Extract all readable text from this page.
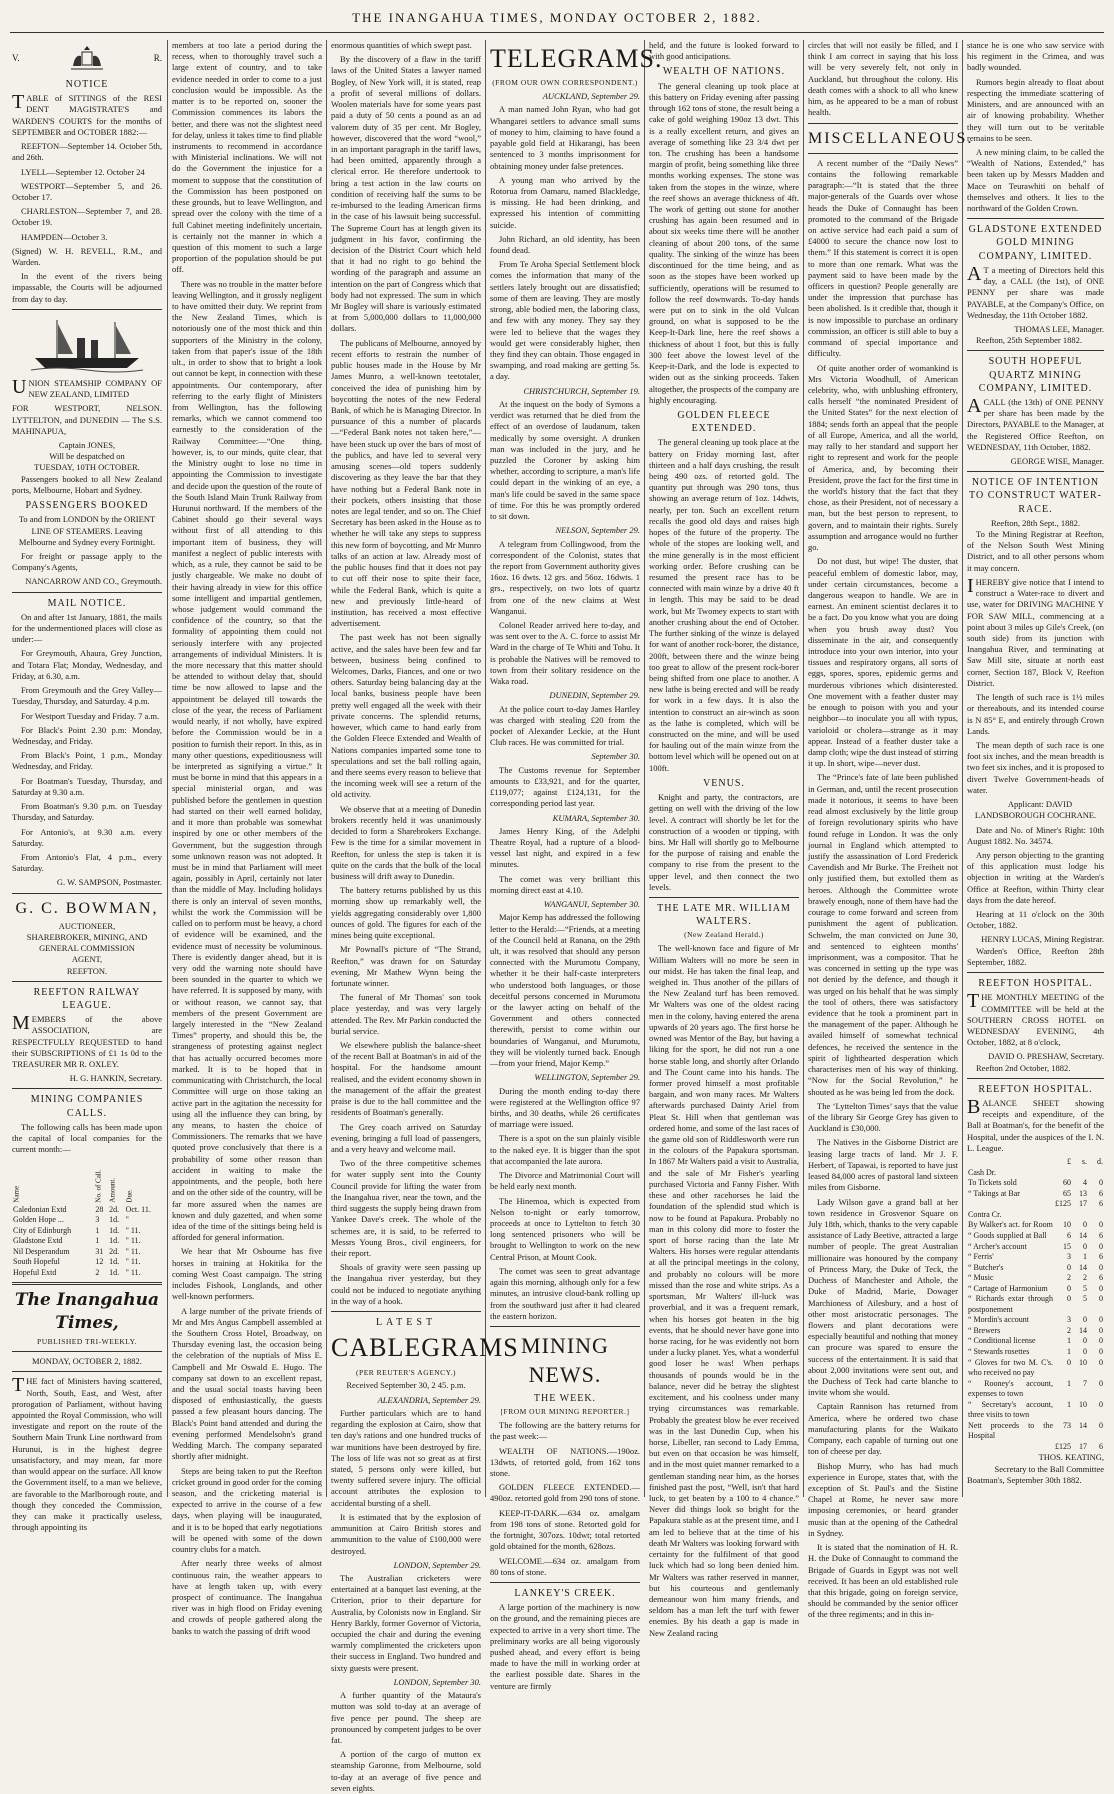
THE INANGAHUA TIMES, MONDAY OCTOBER 2, 1882.
V.	R.
NOTICE

TABLE of SITTINGS of the RESI DENT MAGISTRATE'S and WARDEN'S COURTS for the months of SEPTEMBER and OCTOBER 1882:—

REEFTON—September 14. October 5th, and 26th.

LYELL—September 12. October 24

WESTPORT—September 5, and 26. October 17.

CHARLESTON—September 7, and 28. October 19.

HAMPDEN—October 3.

(Signed) W. H. REVELL, R.M., and Warden.

In the event of the rivers being impassable, the Courts will be adjourned from day to day.

UNION STEAMSHIP COMPANY OF NEW ZEALAND, LIMITED

FOR WESTPORT, NELSON. LYTTELTON, and DUNEDIN — The S.S. MAHINAPUA,

Captain JONES,
Will be despatched on
TUESDAY, 10TH OCTOBER.

Passengers booked to all New Zealand ports, Melbourne, Hobart and Sydney.

PASSENGERS BOOKED

To and from LONDON by the ORIENT LINE OF STEAMERS. Leaving Melbourne and Sydney every Fortnight.

For freight or passage apply to the Company's Agents,

NANCARROW AND CO., Greymouth.
MAIL NOTICE.

On and after 1st January, 1881, the mails for the undermentioned places will close as under:—

For Greymouth, Ahaura, Grey Junction, and Totara Flat; Monday, Wednesday, and Friday, at 6.30, a.m.

From Greymouth and the Grey Valley—Tuesday, Thursday, and Saturday. 4 p.m.

For Westport Tuesday and Friday. 7 a.m.

For Black's Point 2.30 p.m: Monday, Wednesday, and Friday.

From Black's Point, 1 p.m., Monday Wednesday, and Friday.

For Boatman's Tuesday, Thursday, and Saturday at 9.30 a.m.

From Boatman's 9.30 p.m. on Tuesday Thursday, and Saturday.

For Antonio's, at 9.30 a.m. every Saturday.

From Antonio's Flat, 4 p.m., every Saturday.

G. W. SAMPSON, Postmaster.
G. C. BOWMAN,
AUCTIONEER,
SHAREBROKER, MINING, AND
GENERAL COMMISSION
AGENT,
REEFTON.
REEFTON RAILWAY LEAGUE.

MEMBERS of the above ASSOCIATION, are RESPECTFULLY REQUESTED to hand their SUBSCRIPTIONS of £1 1s 0d to the TREASURER MR R. OXLEY.

H. G. HANKIN, Secretary.
MINING COMPANIES CALLS.

The following calls has been made upon the capital of local companies for the current month:—

Name	No. of Call.	Amount.	Due.
Caledonian Extd	28	2d.	Oct. 11.
Golden Hope ...	3	1d.	"
City of Edinburgh	1	1d.	" 11.
Gladstone Extd	1	1d.	" 11.
Nil Desperandum	31	2d.	" 11.
South Hopeful	12	1d.	" 11.
Hopeful Extd	2	1d.	" 11.
The Inangahua Times,
PUBLISHED TRI-WEEKLY.
MONDAY, OCTOBER 2, 1882.

THE fact of Ministers having scattered, North, South, East, and West, after prorogation of Parliament, without having appointed the Royal Commission, who will investigate and report on the route of the Southern Main Trunk Line northward from Hurunui, is in the highest degree unsatisfactory, and may mean, far more than would appear on the surface. All know the Government itself, to a man we believe, are favorable to the Marlborough route, and though they conceded the Commission, they can make it practically useless, through appointing its

members at too late a period during the recess, when to thoroughly travel such a large extent of country, and to take evidence needed in order to come to a just conclusion would be impossible. As the matter is to be reported on, sooner the Commission commences its labors the better, and there was not the slightest need for delay, unless it takes time to find pliable instruments to recommend in accordance with Ministerial inclinations. We will not do the Government the injustice for a moment to suppose that the constitution of the Commission has been postponed on these grounds, but to leave Wellington, and spread over the colony with the time of a full Cabinet meeting indefinitely uncertain, is certainly not the manner in which a question of this moment to such a large proportion of the population should be put off.

There was no trouble in the matter before leaving Wellington, and it grossly negligent to have omitted their duty. We reprint from the New Zealand Times, which is notoriously one of the most thick and thin supporters of the Ministry in the colony, taken from that paper's issue of the 18th ult., in order to show that to bright a look out cannot be kept, in connection with these appointments. Our contemporary, after referring to the early flight of Ministers from Wellington, has the following remarks, which we cannot commend too earnestly to the consideration of the Railway Committee:—“One thing, however, is, to our minds, quite clear, that the Ministry ought to lose no time in appointing the Commission to investigate and decide upon the question of the route of the South Island Main Trunk Railway from Hurunui northward. If the members of the Cabinet should go their several ways without first of all attending to this important item of business, they will manifest a neglect of public interests with which, as a rule, they cannot be said to be justly chargeable. We make no doubt of their having already in view for this office some intelligent and impartial gentlemen, whose judgement would command the confidence of the country, so that the formality of appointing them could not seriously interfere with any projected arrangements of individual Ministers. It is the more necessary that this matter should be attended to without delay that, should time be now allowed to lapse and the appointment be delayed till towards the close of the year, the recess of Parliament would nearly, if not wholly, have expired before the Commission would be in a position to furnish their report. In this, as in many other questions, expeditiousness will be interpreted as signifying a virtue.” It must be borne in mind that this appears in a special ministerial organ, and was published before the gentlemen in question had started on their well earned holiday, and it more than probable was somewhat inspired by one or other members of the Government, but the suggestion through some unknown reason was not adopted. It must be in mind that Parliament will meet again, possibly in April, certainly not later than the middle of May. Including holidays there is only an interval of seven months, whilst the work the Commission will be called on to perform must be heavy, a chord of evidence will be examined, and the evidence must of necessity be voluminous. There is evidently danger ahead, but it is very odd the warning note should have been sounded in the quarter to which we have referred. It is supposed by many, with or without reason, we cannot say, that members of the present Government are largely interested in the “New Zealand Times” property, and should this be, the strangeness of protesting against neglect that has actually occurred becomes more marked. It is to be hoped that in communicating with Christchurch, the local Committee will urge on those taking an active part in the agitation the necessity for using all the influence they can bring, by any means, to hasten the choice of Commissioners. The remarks that we have quoted prove conclusively that there is a probability of some other reason than accident in waiting to make the appointments, and the people, both here and on the other side of the country, will be far more assured when the names are known and duly gazetted, and when some idea of the time of the sittings being held is afforded for general information.

We hear that Mr Osbourne has five horses in training at Hokitika for the coming West Coast campaign. The string includes Fishook, Longlands, and other well-known performers.

A large number of the private friends of Mr and Mrs Angus Campbell assembled at the Southern Cross Hotel, Broadway, on Thursday evening last, the occasion being the celebration of the nuptials of Miss E. Campbell and Mr Oswald E. Hugo. The company sat down to an excellent repast, and the usual social toasts having been disposed of enthusiastically, the guests passed a few pleasant hours dancing. The Black's Point band attended and during the evening performed Mendelsohn's grand Wedding March. The company separated shortly after midnight.

Steps are being taken to put the Reefton cricket ground in good order for the coming season, and the cricketing material is expected to arrive in the course of a few days, when playing will be inaugurated, and it is to be hoped that early negotiations will be opened with some of the down country clubs for a match.

After nearly three weeks of almost continuous rain, the weather appears to have at length taken up, with every prospect of continuance. The Inangahua river was in high flood on Friday evening and crowds of people gathered along the banks to watch the passing of drift wood

enormous quantities of which swept past.

By the discovery of a flaw in the tariff laws of the United States a lawyer named Bogley, of New York will, it is stated, reap a profit of several millions of dollars. Woolen materials have for some years past paid a duty of 50 cents a pound as an ad valorem duty of 35 per cent. Mr Bogley, however, discovered that the word “wool,” in an important paragraph in the tariff laws, had been omitted, apparently through a clerical error. He therefore undertook to bring a test action in the law courts on condition of receiving half the sums to be re-imbursed to the leading American firms in the case of his lawsuit being successful. The Supreme Court has at length given its judgment in his favor, confirming the decision of the District Court which held that it had no right to go behind the wording of the paragraph and assume an intention on the part of Congress which that body had not expressed. The sum in which Mr Bogley will share is variously estimated at from 5,000,000 dollars to 11,000,000 dollars.

The publicans of Melbourne, annoyed by recent efforts to restrain the number of public houses made in the House by Mr James Munro, a well-known teetotaler, conceived the idea of punishing him by boycotting the notes of the new Federal Bank, of which he is Managing Director. In pursuance of this a number of placards—“Federal Bank notes not taken here,”—have been stuck up over the bars of most of the publics, and have led to several very amusing scenes—old topers suddenly discovering as they leave the bar that they have nothing but a Federal Bank note in their pockets, others insisting that those notes are legal tender, and so on. The Chief Secretary has been asked in the House as to whether he will take any steps to suppress this new form of boycotting, and Mr Munro talks of an action at law. Already most of the public houses find that it does not pay to cut off their nose to spite their face, while the Federal Bank, which is quite a new and previously little-heard of institution, has received a most effective advertisement.

The past week has not been signally active, and the sales have been few and far between, business being confined to Welcomes, Darks, Fiances, and one or two others. Saturday being balancing day at the local banks, business people have been pretty well engaged all the week with their private concerns. The splendid returns, however, which came to hand early from the Golden Fleece Extended and Wealth of Nations companies imparted some tone to speculations and set the ball rolling again, and there seems every reason to believe that the incoming week will see a return of the old activity.

We observe that at a meeting of Dunedin brokers recently held it was unanimously decided to form a Sharebrokers Exchange. Few is the time for a similar movement in Reefton, for unless the step is taken it is quite on the cards that the bulk of the local business will drift away to Dunedin.

The battery returns published by us this morning show up remarkably well, the yields aggregating considerably over 1,800 ounces of gold. The figures for each of the mines being quite exceptional.

Mr Pownall's picture of “The Strand, Reefton,” was drawn for on Saturday evening, Mr Mathew Wynn being the fortunate winner.

The funeral of Mr Thomas' son took place yesterday, and was very largely attended. The Rev. Mr Parkin conducted the burial service.

We elsewhere publish the balance-sheet of the recent Ball at Boatman's in aid of the hospital. For the handsome amount realised, and the evident economy shown in the management of the affair the greatest praise is due to the hall committee and the residents of Boatman's generally.

The Grey coach arrived on Saturday evening, bringing a full load of passengers, and a very heavy and welcome mail.

Two of the three competitive schemes for water supply sent into the County Council provide for lifting the water from the Inangahua river, near the town, and the third suggests the supply being drawn from Yankee Dave's creek. The whole of the schemes are, it is said, to be referred to Messrs Young Bros., civil engineers, for their report.

Shoals of gravity were seen passing up the Inangahua river yesterday, but they could not be induced to negotiate anything in the way of a hook.

LATEST
CABLEGRAMS
(PER REUTER'S AGENCY.)

Received September 30, 2 45. p.m.

ALEXANDRIA, September 29.

Further particulars which are to hand regarding the explosion at Cairo, show that ten day's rations and one hundred trucks of war munitions have been destroyed by fire. The loss of life was not so great as at first stated, 5 persons only were killed, but twenty suffered severe injury. The official account attributes the explosion to accidental bursting of a shell.

It is estimated that by the explosion of ammunition at Cairo British stores and ammunition to the value of £100,000 were destroyed.

LONDON, September 29.

The Australian cricketers were entertained at a banquet last evening, at the Criterion, prior to their departure for Australia, by Colonists now in England. Sir Henry Barkly, former Governor of Victoria, occupied the chair and during the evening warmly complimented the cricketers upon their success in England. Two hundred and sixty guests were present.

LONDON, September 30.

A further quantity of the Mataura's mutton was sold to-day at an average of five pence per pound. The sheep are pronounced by competent judges to be over fat.

A portion of the cargo of mutton ex steamship Garonne, from Melbourne, sold to-day at an average of five pence and seven eights.

TELEGRAMS.
(FROM OUR OWN CORRESPONDENT.)
AUCKLAND, September 29.

A man named John Ryan, who had got Whangarei settlers to advance small sums of money to him, claiming to have found a payable gold field at Hikarangi, has been sentenced to 3 months imprisonment for obtaining money under false pretences.

A young man who arrived by the Rotorua from Oamaru, named Blackledge, is missing. He had been drinking, and expressed his intention of committing suicide.

John Richard, an old identity, has been found dead.

From Te Aroha Special Settlement block comes the information that many of the settlers lately brought out are dissatisfied; some of them are leaving. They are mostly strong, able bodied men, the laboring class, and few with any money. They say they were led to believe that the wages they would get were considerably higher, then they find they can obtain. Those engaged in swamping, and road making are getting 5s. a day.

CHRISTCHURCH, September 19.

At the inquest on the body of Symons a verdict was returned that he died from the effect of an overdose of laudanum, taken medically by some oversight. A drunken man was included in the jury, and he puzzled the Coroner by asking him whether, according to scripture, a man's life could depart in the winking of an eye, a man's life could be saved in the same space of time. For this he was promptly ordered to sit down.

NELSON, September 29.

A telegram from Collingwood, from the correspondent of the Colonist, states that the report from Government authority gives 16oz. 16 dwts. 12 grs. and 56oz. 16dwts. 1 grs., respectively, on two lots of quartz from one of the new claims at West Wanganui.

Colonel Reader arrived here to-day, and was sent over to the A. C. force to assist Mr Ward in the charge of Te Whiti and Tohu. It is probable the Natives will be removed to town from their solitary residence on the Waka road.

DUNEDIN, September 29.

At the police court to-day James Hartley was charged with stealing £20 from the pocket of Alexander Leckie, at the Hunt Club races. He was committed for trial.

September 30.

The Customs revenue for September amounts to £33,921, and for the quarter, £119,077; against £124,131, for the corresponding period last year.

KUMARA, September 30.

James Henry King, of the Adelphi Theatre Royal, had a rupture of a blood-vessel last night, and expired in a few minutes.

The comet was very brilliant this morning direct east at 4.10.

WANGANUI, September 30.

Major Kemp has addressed the following letter to the Herald:—“Friends, at a meeting of the Council held at Ranana, on the 29th ult, it was resolved that should any person connected with the Murumotu Company, whether it be their half-caste interpreters who understood both languages, or those deceitful persons concerned in Murumotu or the lawyer acting on behalf of the Government and others connected therewith, persist to come within our boundaries of Wanganui, and Murumotu, they will be violently turned back. Enough—from your friend, Major Kemp.”

WELLINGTON, September 29.

During the month ending to-day there were registered at the Wellington office 97 births, and 30 deaths, while 26 certificates of marriage were issued.

There is a spot on the sun plainly visible to the naked eye. It is bigger than the spot that accompanied the late aurora.

The Divorce and Matrimonial Court will be held early next month.

The Hinemoa, which is expected from Nelson to-night or early tomorrow, proceeds at once to Lyttelton to fetch 30 long sentenced prisoners who will be brought to Wellington to work on the new Central Prison, at Mount Cook.

The comet was seen to great advantage again this morning, although only for a few minutes, an intrusive cloud-bank rolling up from the southward just after it had cleared the eastern horizon.

MINING NEWS.
THE WEEK.
[FROM OUR MINING REPORTER.]

The following are the battery returns for the past week:—

WEALTH OF NATIONS.—190oz. 13dwts, of retorted gold, from 162 tons stone.

GOLDEN FLEECE EXTENDED.—490oz. retorted gold from 290 tons of stone.

KEEP-IT-DARK.—634 oz. amalgam from 198 tons of stone. Retorted gold for the fortnight, 307ozs. 10dwt; total retorted gold obtained for the month, 628ozs.

WELCOME.—634 oz. amalgam from 80 tons of stone.

LANKEY'S CREEK.

A large portion of the machinery is now on the ground, and the remaining pieces are expected to arrive in a very short time. The preliminary works are all being vigorously pushed ahead, and every effort is being made to have the mill in working order at the earliest possible date. Shares in the venture are firmly

held, and the future is looked forward to with good anticipations.

WEALTH OF NATIONS.

The general cleaning up took place at this battery on Friday evening after passing through 162 tons of stone, the result being a cake of gold weighing 190oz 13 dwt. This is a really excellent return, and gives an average of something like 23 3/4 dwt per ton. The crushing has been a handsome margin of profit, being something like three months working expenses. The stone was taken from the stopes in the winze, where the reef shows an average thickness of 4ft. The work of getting out stone for another crushing has again been resumed and in about six weeks time there will be another cleaning of about 200 tons, of the same quality. The sinking of the winze has been discontinued for the time being, and as soon as the stopes have been worked up sufficiently, operations will be resumed to follow the reef downwards. To-day hands were put on to sink in the old Vulcan ground, on what is supposed to be the Keep-It-Dark line, here the reef shows a thickness of about 1 foot, but this is fully 300 feet above the lowest level of the Keep-it-Dark, and the lode is expected to widen out as the sinking proceeds. Taken altogether, the prospects of the company are highly encouraging.

GOLDEN FLEECE EXTENDED.

The general cleaning up took place at the battery on Friday morning last, after thirteen and a half days crushing, the result being 490 ozs. of retorted gold. The quantity put through was 290 tons, thus showing an average return of 1oz. 14dwts, nearly, per ton. Such an excellent return recalls the good old days and raises high hopes of the future of the property. The whole of the stopes are looking well, and the mine generally is in the most efficient working order. Before crushing can be resumed the present race has to be connected with main winze by a drive 40 ft in length. This may be said to be dead work, but Mr Twomey expects to start with another crushing about the end of October. The further sinking of the winze is delayed for want of another rock-borer, the distance, 200ft, between there and the winze being too great to allow of the present rock-borer being shifted from one place to another. A new lathe is being erected and will be ready for work in a few days. It is also the intention to construct an air-winch as soon as the lathe is completed, which will be constructed on the mine, and will be used for hauling out of the main winze from the bottom level which will be opened out on at 100ft.

VENUS.

Knight and party, the contractors, are getting on well with the driving of the low level. A contract will shortly be let for the construction of a wooden or tipping, with bins. Mr Hall will shortly go to Melbourne for the purpose of raising and enable the company to rise from the present to the upper level, and then connect the two levels.

THE LATE MR. WILLIAM WALTERS.
(New Zealand Herald.)

The well-known face and figure of Mr William Walters will no more be seen in our midst. He has taken the final leap, and weighed in. Thus another of the pillars of the New Zealand turf has been removed. Mr Walters was one of the oldest racing men in the colony, having entered the arena upwards of 20 years ago. The first horse he owned was Mentor of the Bay, but having a liking for the sport, he did not run a one horse stable long, and shortly after Orlando and The Count came into his hands. The former proved himself a most profitable bargain, and won many races. Mr Walters afterwards purchased Dainty Ariel from Pleat St. Hill when that gentleman was ordered home, and some of the last races of the game old son of Riddlesworth were run in the colours of the Papakura sportsman. In 1867 Mr Walters paid a visit to Australia, and the sale of Mr Fisher's yearling purchased Victoria and Fanny Fisher. With these and other racehorses he laid the foundation of the splendid stud which is now to be found at Papakura. Probably no man in this colony did more to foster the sport of horse racing than the late Mr Walters. His horses were regular attendants at all the principal meetings in the colony, and probably no colours will be more missed than the rose and white strips. As a sportsman, Mr Walters' ill-luck was proverbial, and it was a frequent remark, when his horses got beaten in the big events, that he should never have gone into horse racing, for he was evidently not born under a lucky planet. Yes, what a wonderful good loser he was! When perhaps thousands of pounds would be in the balance, never did he betray the slightest excitement, and his coolness under many trying circumstances was remarkable. Probably the greatest blow he ever received was in the last Dunedin Cup, when his horse, Libeller, ran second to Lady Emma, but even on that occasion he was himself, and in the most quiet manner remarked to a gentleman standing near him, as the horses finished past the post, “Well, isn't that hard luck, to get beaten by a 100 to 4 chance.” Never did things look so bright for the Papakura stable as at the present time, and I am led to believe that at the time of his death Mr Walters was looking forward with certainty for the fulfilment of that good luck which had so long been denied him. Mr Walters was rather reserved in manner, but his courteous and gentlemanly demeanour won him many friends, and seldom has a man left the turf with fewer enemies. By his death a gap is made in New Zealand racing

circles that will not easily be filled, and I think I am correct in saying that his loss will be very severely felt, not only in Auckland, but throughout the colony. His death comes with a shock to all who knew him, as he appeared to be a man of robust health.

MISCELLANEOUS.

A recent number of the “Daily News” contains the following remarkable paragraph:—“It is stated that the three major-generals of the Guards over whose heads the Duke of Connaught has been promoted to the command of the Brigade on active service had each paid a sum of £4000 to secure the chance now lost to them.” If this statement is correct it is open to more than one remark. What was the payment said to have been made by the officers in question? People generally are under the impression that purchase has been abolished. Is it credible that, though it is now impossible to purchase an ordinary commission, an officer is still able to buy a command of special importance and difficulty.

Of quite another order of womankind is Mrs Victoria Woodhull, of American celebrity, who, with unblushing effrontery, calls herself “the nominated President of the United States” for the next election of 1884; sends forth an appeal that the people of all Europe, America, and all the world, may rally to her standard and support her right to represent and work for the people of America, and, by becoming their President, prove the fact for the first time in the world's history that the fact that they chose, as their President, not of necessary a man, but the best person to represent, to govern, and to maintain their rights. Surely assumption and arrogance would no further go.

Do not dust, but wipe! The duster, that peaceful emblem of domestic labor, may, under certain circumstances, become a dangerous weapon to handle. We are in earnest. An eminent scientist declares it to be a fact. Do you know what you are doing when you brush away dust? You disseminate in the air, and consequently introduce into your own interior, into your tissues and respiratory organs, all sorts of eggs, spores, spores, epidemic germs and murderous vibriones which disinterested. One movement with a feather duster may be enough to poison with you and your neighbor—to inoculate you all with typus, varioloid or cholera—strange as it may appear. Instead of a feather duster take a damp cloth; wipe the dust instead of stirring it up. In short, wipe—never dust.

The “Prince's fate of late been published in German, and, until the recent prosecution made it notorious, it seems to have been read almost exclusively by the little group of foreign revolutionary spirits who have found refuge in London. It was the only journal in England which attempted to justify the assassination of Lord Frederick Cavendish and Mr Burke. The Freiheit not only justified them, but extolled them as heroes. Although the Committee wrote brawely enough, none of them have had the courage to come forward and screen from punishment the agent of publication. Schwelm, the man convicted on June 30, and sentenced to eighteen months' imprisonment, was a compositor. That he was concerned in setting up the type was not denied by the defence, and though it was urged on his behalf that he was simply the tool of others, there was satisfactory evidence that he took a prominent part in the management of the paper. Although he availed himself of somewhat technical defences, he received the sentence in the spirit of lighthearted desperation which characterises men of his way of thinking. “Now for the Social Revolution,” he shouted as he was being led from the dock.

The ‘Lyttelton Times’ says that the value of the library Sir George Grey has given to Auckland is £30,000.

The Natives in the Gisborne District are leasing large tracts of land. Mr J. F. Herbert, of Tapawai, is reported to have just leased 84,000 acres of pastoral land sixteen miles from Gisborne.

Lady Wilson gave a grand ball at her town residence in Grosvenor Square on July 18th, which, thanks to the very capable assistance of Lady Beetive, attracted a large number of people. The great Australian millionaire was honoured by the company of Princess Mary, the Duke of Teck, the Duchess of Manchester and Athole, the Duke of Madrid, Marie, Dowager Marchioness of Ailesbury, and a host of other most aristocratic personages. The flowers and plant decorations were especially beautiful and nothing that money can procure was spared to ensure the success of the entertainment. It is said that about 2,000 invitations were sent out, and the Duchess of Teck had carte blanche to invite whom she would.

Captain Rannison has returned from America, where he ordered two chase manufacturing plants for the Waikato Company, each capable of turning out one ton of cheese per day.

Bishop Murry, who has had much experience in Europe, states that, with the exception of St. Paul's and the Sistine Chapel at Rome, he never saw more imposing ceremonies, or heard grander music than at the opening of the Cathedral in Sydney.

It is stated that the nomination of H. R. H. the Duke of Connaught to command the Brigade of Guards in Egypt was not well received. It has been an old established rule that this brigade, going on foreign service, should be commanded by the senior officer of the three regiments; and in this in-

stance he is one who saw service with his regiment in the Crimea, and was badly wounded.

Rumors begin already to float about respecting the immediate scattering of Ministers, and are announced with an air of knowing probability. Whether they will turn out to be veritable remains to be seen.

A new mining claim, to be called the “Wealth of Nations, Extended,” has been taken up by Messrs Madden and Mace on Teurawhiti on behalf of themselves and others. It lies to the northward of the Golden Crown.

GLADSTONE EXTENDED GOLD MINING COMPANY, LIMITED.

AT a meeting of Directors held this day, a CALL (the 1st), of ONE PENNY per share was made PAYABLE, at the Company's Office, on Wednesday, the 11th October 1882.

THOMAS LEE, Manager.

Reefton, 25th September 1882.

SOUTH HOPEFUL QUARTZ MINING COMPANY, LIMITED.

ACALL (the 13th) of ONE PENNY per share has been made by the Directors, PAYABLE to the Manager, at the Registered Office Reefton, on WEDNESDAY, 11th October, 1882.

GEORGE WISE, Manager.
NOTICE OF INTENTION TO CONSTRUCT WATER-RACE.
Reefton, 28th Sept., 1882.

To the Mining Registrar at Reefton, of the Nelson South West Mining District, and to all other persons whom it may concern.

IHEREBY give notice that I intend to construct a Water-race to divert and use, water for DRIVING MACHINE Y FOR SAW MILL, commencing at a point about 3 miles up Gile's Creek, (on south side) from its junction with Inangahua River, and terminating at Saw Mill site, situate at north east corner, Section 187, Block V, Reefton District.

The length of such race is 1½ miles or thereabouts, and its intended course is N 85° E, and entirely through Crown Lands.

The mean depth of such race is one foot six inches, and the mean breadth is two feet six inches, and it is proposed to divert Twelve Government-heads of water.

Applicant: DAVID LANDSBOROUGH COCHRANE.

Date and No. of Miner's Right: 10th August 1882. No. 34574.

Any person objecting to the granting of this application must lodge his objection in writing at the Warden's Office at Reefton, within Thirty clear days from the date hereof.

Hearing at 11 o'clock on the 30th October, 1882.

HENRY LUCAS, Mining Registrar.

Warden's Office, Reefton 28th September, 1882.

REEFTON HOSPITAL.

THE MONTHLY MEETING of the COMMITTEE will be held at the SOUTHERN CROSS HOTEL on WEDNESDAY EVENING, 4th October, 1882, at 8 o'clock,

DAVID O. PRESHAW, Secretary.

Reefton 2nd October, 1882.

REEFTON HOSPITAL.

BALANCE SHEET showing receipts and expenditure, of the Ball at Boatman's, for the benefit of the Hospital, under the auspices of the I. N. L. League.

	£	s.	d.
Cash Dr.			
To Tickets sold	60	4	0
“ Takings at Bar	65	13	6
	£125	17	6
Contra Cr.			
By Walker's act. for Room	10	0	0
“ Goods supplied at Ball	6	14	6
“ Archer's account	15	0	0
“ Ferris'	3	1	6
“ Butcher's	0	14	0
“ Music	2	2	6
“ Cartage of Harmonium	0	5	0
“ Richards extar through postponement	0	5	0
“ Mordin's account	3	0	0
“ Brewers	2	14	0
“ Conditional license	1	0	0
“ Stewards rosettes	1	0	0
“ Gloves for two M. C's. who received no pay	0	10	0
“ Rooney's account, expenses to town	1	7	0
“ Secretary's account, three visits to town	1	10	0
Nett proceeds to the Hospital	73	14	0
	£125	17	6
THOS. KEATING,
Secretary to the Ball Committee
Boatman's, September 30th 1882.
